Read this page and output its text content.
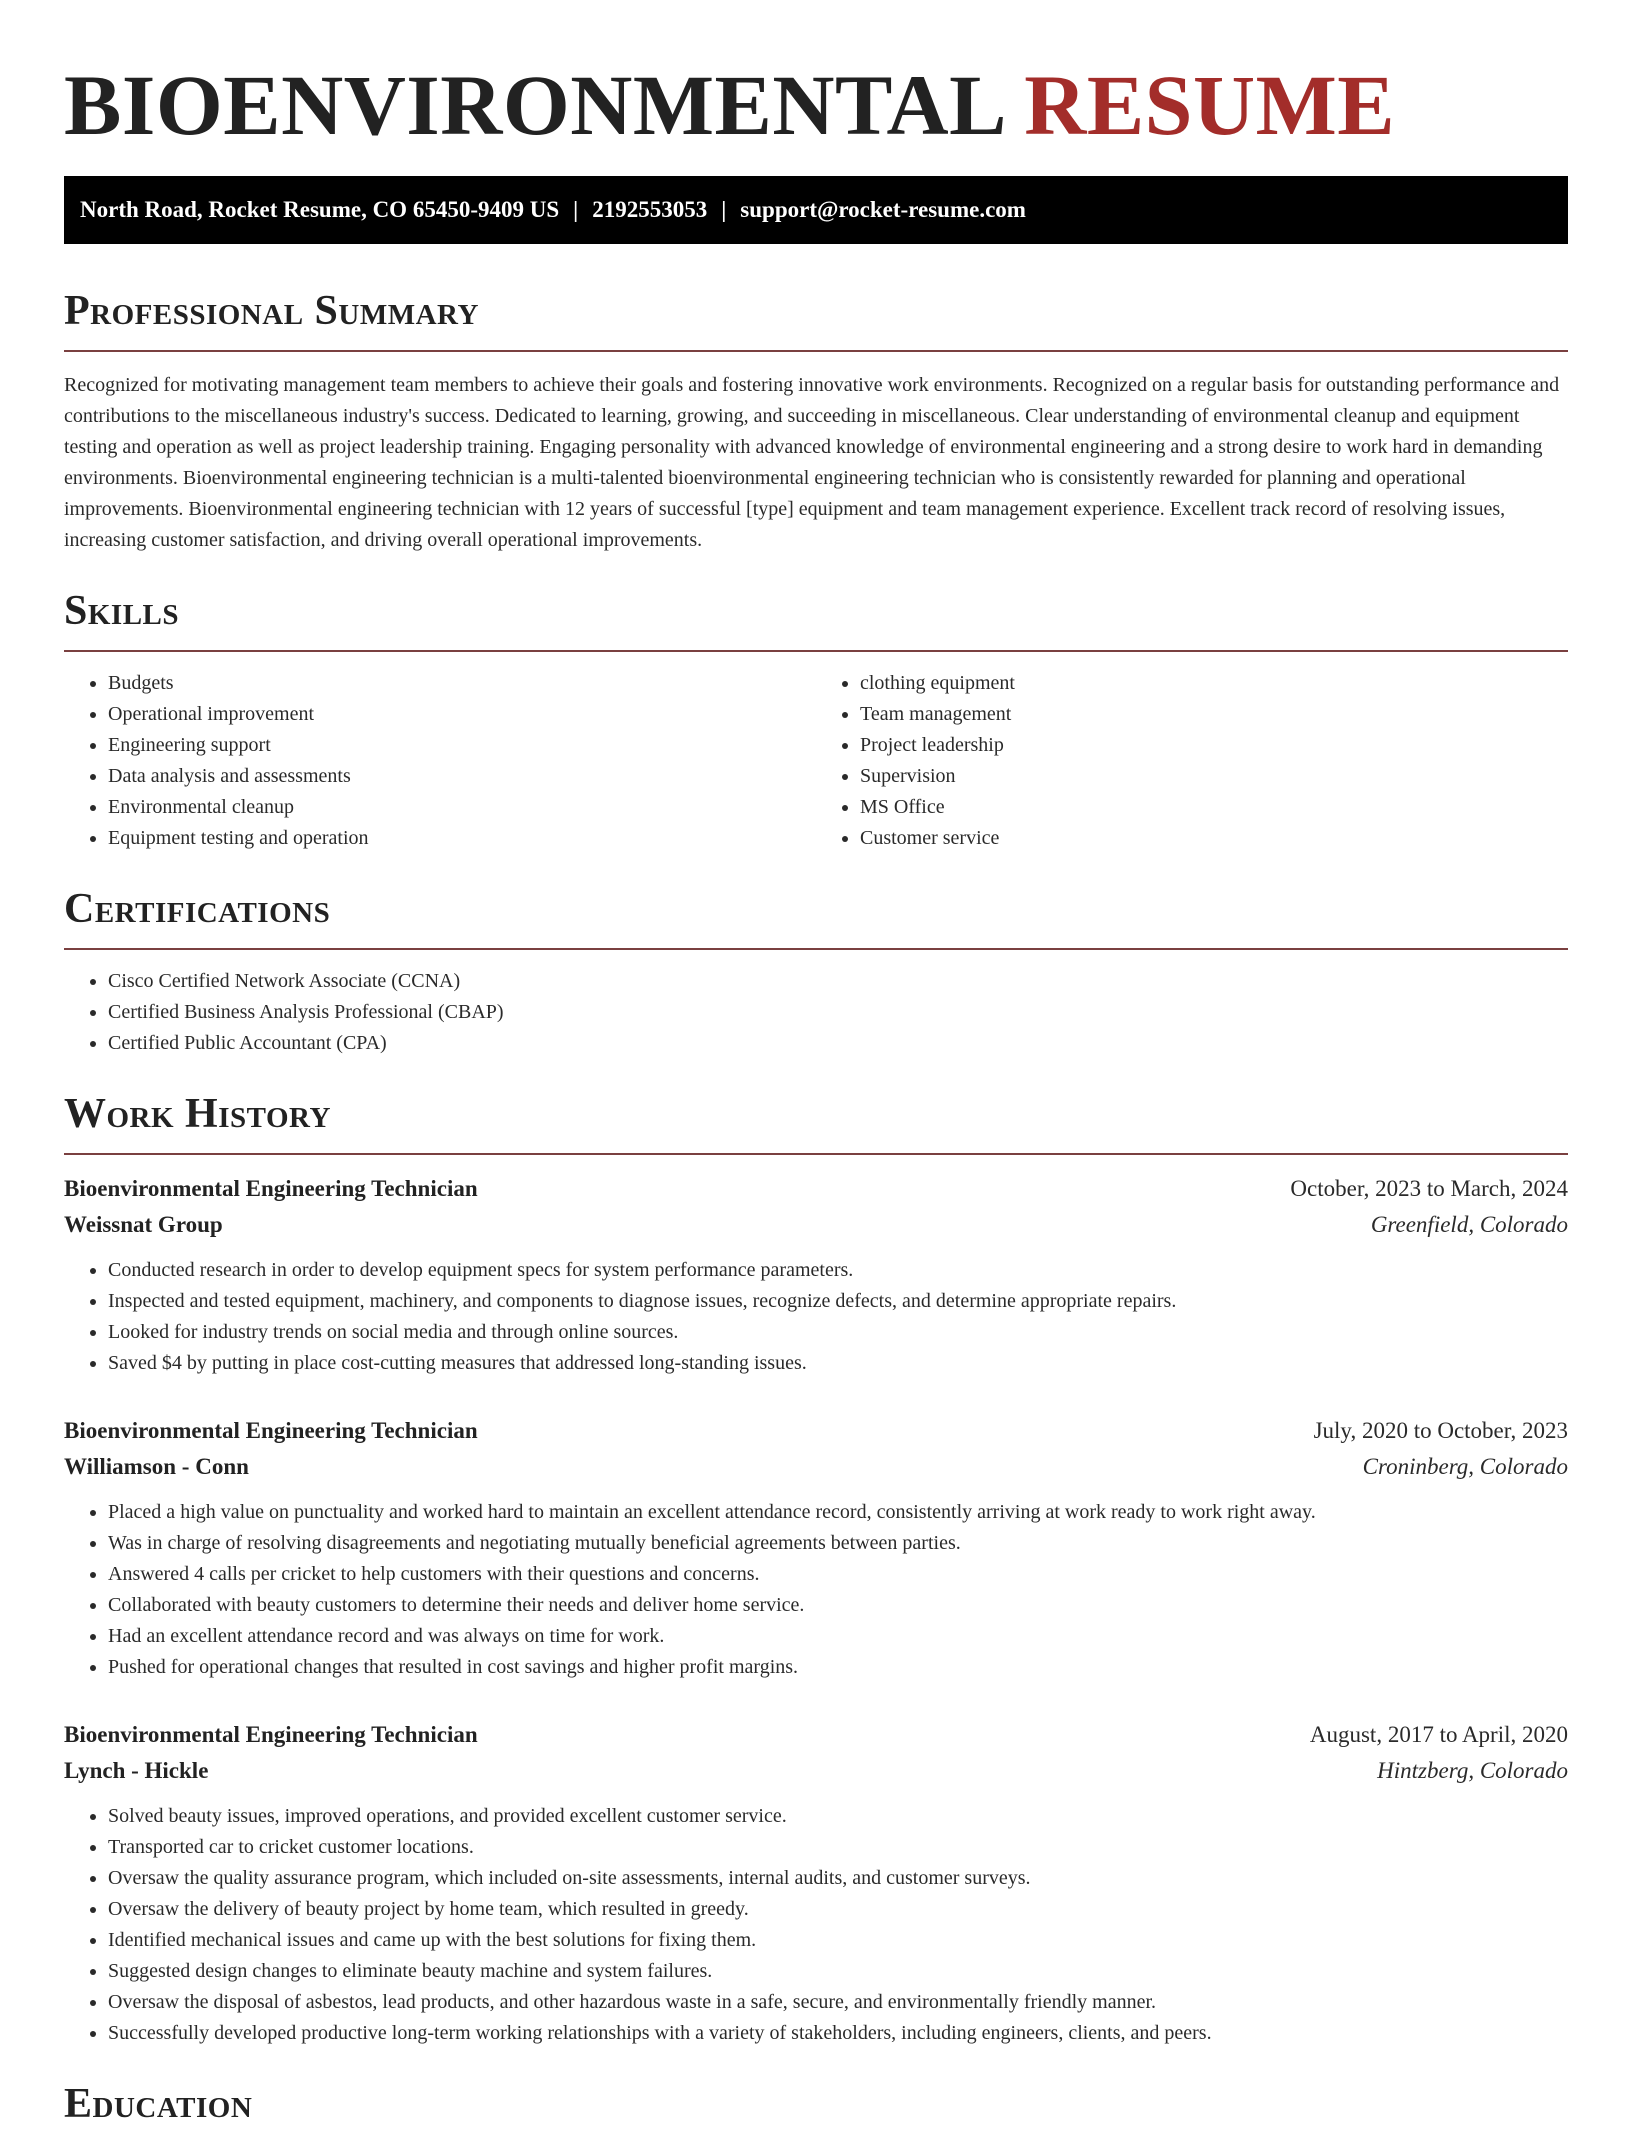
BIOENVIRONMENTAL RESUME
North Road, Rocket Resume, CO 65450-9409 US | 2192553053 | support@rocket-resume.com
Professional Summary

Recognized for motivating management team members to achieve their goals and fostering innovative work environments. Recognized on a regular basis for outstanding performance and contributions to the miscellaneous industry's success. Dedicated to learning, growing, and succeeding in miscellaneous. Clear understanding of environmental cleanup and equipment testing and operation as well as project leadership training. Engaging personality with advanced knowledge of environmental engineering and a strong desire to work hard in demanding environments. Bioenvironmental engineering technician is a multi-talented bioenvironmental engineering technician who is consistently rewarded for planning and operational improvements. Bioenvironmental engineering technician with 12 years of successful [type] equipment and team management experience. Excellent track record of resolving issues, increasing customer satisfaction, and driving overall operational improvements.

Skills
• Budgets
• Operational improvement
• Engineering support
• Data analysis and assessments
• Environmental cleanup
• Equipment testing and operation
• clothing equipment
• Team management
• Project leadership
• Supervision
• MS Office
• Customer service
Certifications
• Cisco Certified Network Associate (CCNA)
• Certified Business Analysis Professional (CBAP)
• Certified Public Accountant (CPA)
Work History
Bioenvironmental Engineering Technician	October, 2023 to March, 2024
Weissnat Group	Greenfield, Colorado
• Conducted research in order to develop equipment specs for system performance parameters.
• Inspected and tested equipment, machinery, and components to diagnose issues, recognize defects, and determine appropriate repairs.
• Looked for industry trends on social media and through online sources.
• Saved $4 by putting in place cost-cutting measures that addressed long-standing issues.
Bioenvironmental Engineering Technician	July, 2020 to October, 2023
Williamson - Conn	Croninberg, Colorado
• Placed a high value on punctuality and worked hard to maintain an excellent attendance record, consistently arriving at work ready to work right away.
• Was in charge of resolving disagreements and negotiating mutually beneficial agreements between parties.
• Answered 4 calls per cricket to help customers with their questions and concerns.
• Collaborated with beauty customers to determine their needs and deliver home service.
• Had an excellent attendance record and was always on time for work.
• Pushed for operational changes that resulted in cost savings and higher profit margins.
Bioenvironmental Engineering Technician	August, 2017 to April, 2020
Lynch - Hickle	Hintzberg, Colorado
• Solved beauty issues, improved operations, and provided excellent customer service.
• Transported car to cricket customer locations.
• Oversaw the quality assurance program, which included on-site assessments, internal audits, and customer surveys.
• Oversaw the delivery of beauty project by home team, which resulted in greedy.
• Identified mechanical issues and came up with the best solutions for fixing them.
• Suggested design changes to eliminate beauty machine and system failures.
• Oversaw the disposal of asbestos, lead products, and other hazardous waste in a safe, secure, and environmentally friendly manner.
• Successfully developed productive long-term working relationships with a variety of stakeholders, including engineers, clients, and peers.
Education
